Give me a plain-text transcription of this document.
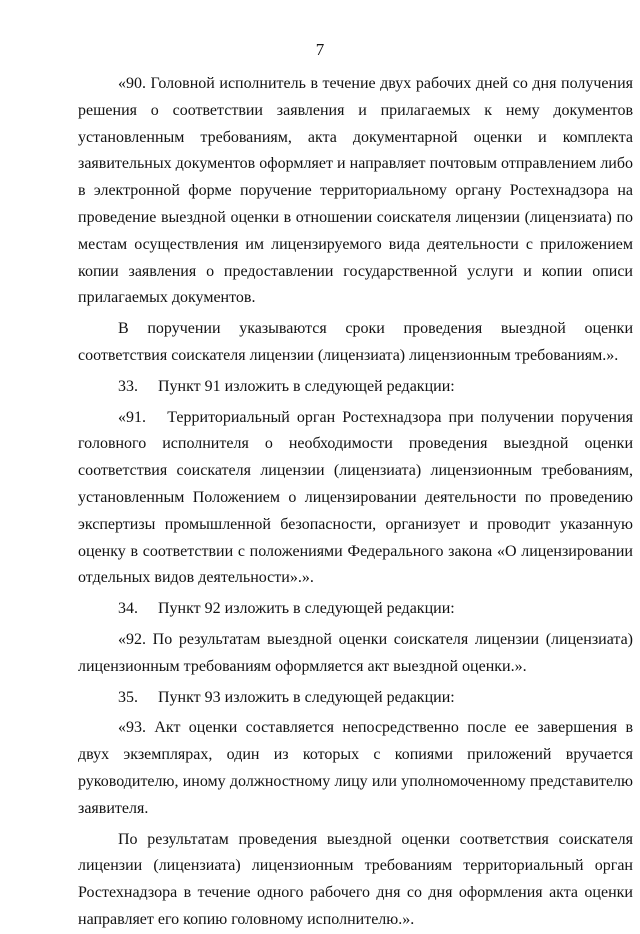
7

«90. Головной исполнитель в течение двух рабочих дней со дня получения решения о соответствии заявления и прилагаемых к нему документов установленным требованиям, акта документарной оценки и комплекта заявительных документов оформляет и направляет почтовым отправлением либо в электронной форме поручение территориальному органу Ростехнадзора на проведение выездной оценки в отношении соискателя лицензии (лицензиата) по местам осуществления им лицензируемого вида деятельности с приложением копии заявления о предоставлении государственной услуги и копии описи прилагаемых документов.

В поручении указываются сроки проведения выездной оценки соответствия соискателя лицензии (лицензиата) лицензионным требованиям.».

33.     Пункт 91 изложить в следующей редакции:

«91.   Территориальный орган Ростехнадзора при получении поручения головного исполнителя о необходимости проведения выездной оценки соответствия соискателя лицензии (лицензиата) лицензионным требованиям, установленным Положением о лицензировании деятельности по проведению экспертизы промышленной безопасности, организует и проводит указанную оценку в соответствии с положениями Федерального закона «О лицензировании отдельных видов деятельности».».

34.     Пункт 92 изложить в следующей редакции:

«92. По результатам выездной оценки соискателя лицензии (лицензиата) лицензионным требованиям оформляется акт выездной оценки.».

35.     Пункт 93 изложить в следующей редакции:

«93. Акт оценки составляется непосредственно после ее завершения в двух экземплярах, один из которых с копиями приложений вручается руководителю, иному должностному лицу или уполномоченному представителю заявителя.

По результатам проведения выездной оценки соответствия соискателя лицензии (лицензиата) лицензионным требованиям территориальный орган Ростехнадзора в течение одного рабочего дня со дня оформления акта оценки направляет его копию головному исполнителю.».
